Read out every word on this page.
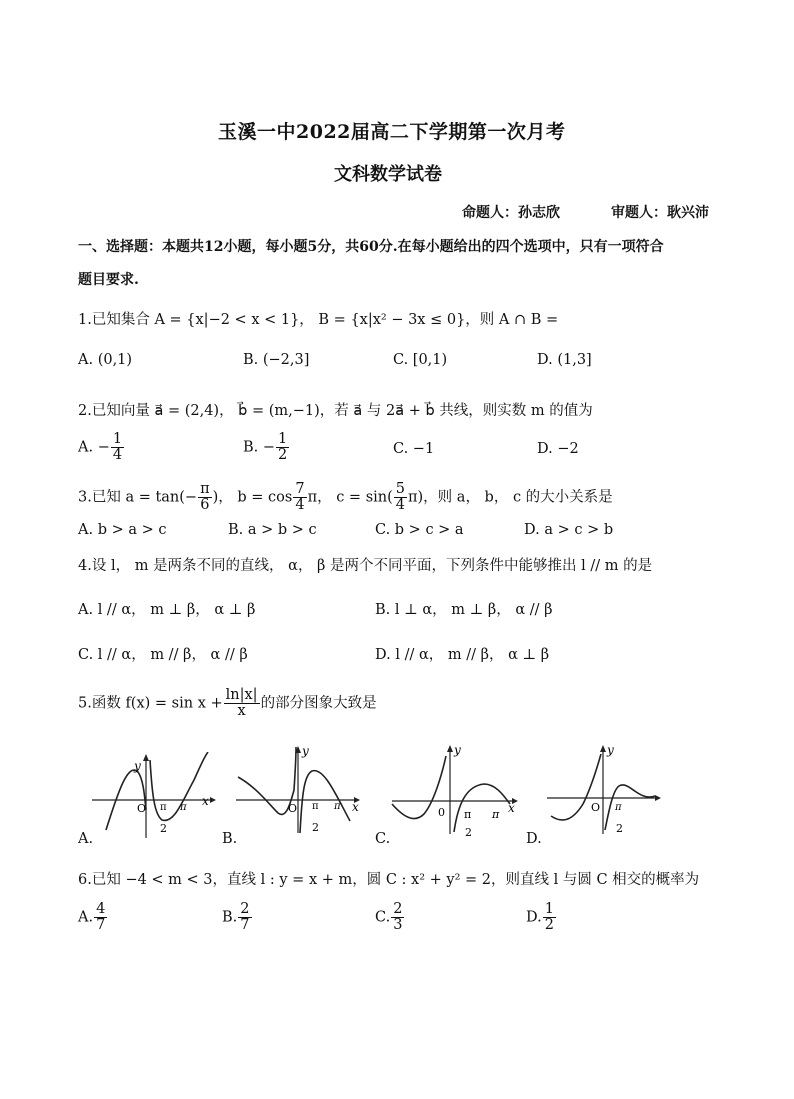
玉溪一中2022届高二下学期第一次月考
文科数学试卷
命题人：孙志欣	审题人：耿兴沛
一、选择题：本题共12小题，每小题5分，共60分.在每小题给出的四个选项中，只有一项符合
题目要求.
1.已知集合 A = {x|−2 < x < 1}， B = {x|x² − 3x ≤ 0}，则 A ∩ B =
A. (0,1)	B. (−2,3]	C. [0,1)	D. (1,3]
2.已知向量 a⃗ = (2,4)， b⃗ = (m,−1)，若 a⃗ 与 2a⃗ + b⃗ 共线，则实数 m 的值为
A. − $\frac{1}{4}$	B. − $\frac{1}{2}$	C. −1	D. −2
3.已知 $a = \tan(- \frac{\pi}{6}$ )， $b = \cos \frac{7}{4}$ π， $c = \sin( \frac{5}{4} \pi)$，则 a， b， c 的大小关系是
A. b > a > c	B. a > b > c	C. b > c > a	D. a > c > b
4.设 l， m 是两条不同的直线， α， β 是两个不同平面，下列条件中能够推出 l // m 的是
A. l // α， m ⊥ β， α ⊥ β	B. l ⊥ α， m ⊥ β， α // β
C. l // α， m // β， α // β	D. l // α， m // β， α ⊥ β
5.函数 $f(x) = \sin x + \frac{\ln|x|}{x}$ 的部分图象大致是
y
O π
2
π x
y
O π
2
π x
y
0 π
2
π x
y
O π
2
A.	B.	C.	D.
6.已知 −4 < m < 3，直线 l : y = x + m，圆 C : x² + y² = 2，则直线 l 与圆 C 相交的概率为
A. $\frac{4}{7}$	B. $\frac{2}{7}$	C. $\frac{2}{3}$	D. $\frac{1}{2}$
